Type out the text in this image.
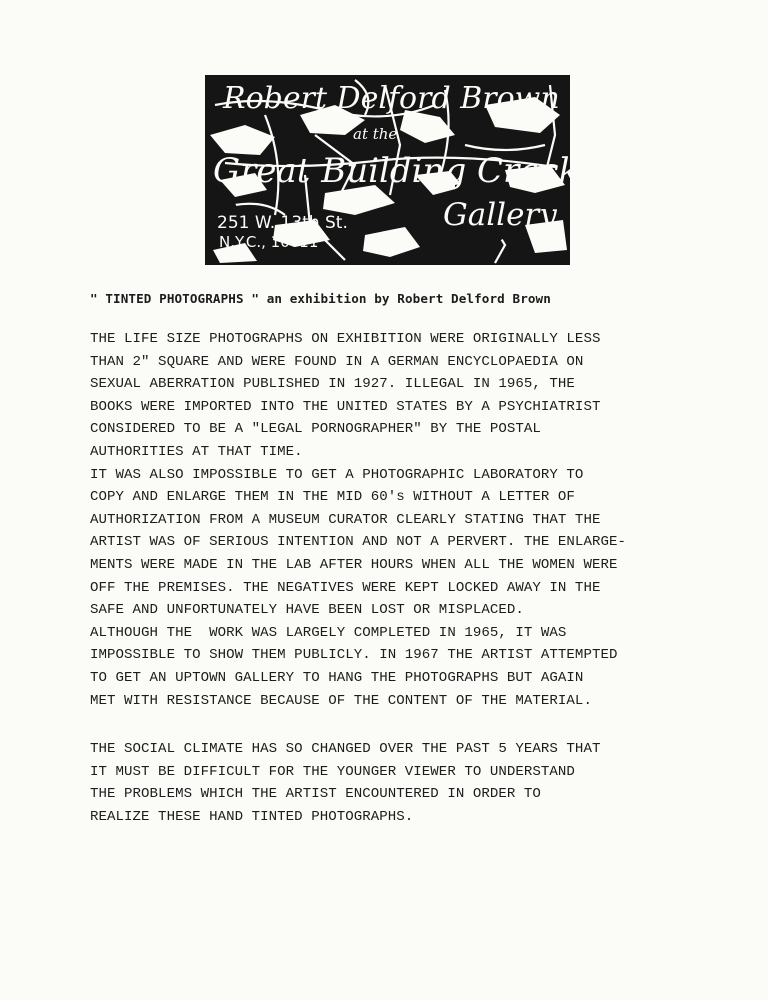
Robert Delford Brown
at the
Great Building Crack-Up
Gallery
251 W. 13th St.
N.Y.C., 10011
" TINTED PHOTOGRAPHS " an exhibition by Robert Delford Brown
THE LIFE SIZE PHOTOGRAPHS ON EXHIBITION WERE ORIGINALLY LESS
THAN 2" SQUARE AND WERE FOUND IN A GERMAN ENCYCLOPAEDIA ON
SEXUAL ABERRATION PUBLISHED IN 1927. ILLEGAL IN 1965, THE
BOOKS WERE IMPORTED INTO THE UNITED STATES BY A PSYCHIATRIST
CONSIDERED TO BE A "LEGAL PORNOGRAPHER" BY THE POSTAL
AUTHORITIES AT THAT TIME.
IT WAS ALSO IMPOSSIBLE TO GET A PHOTOGRAPHIC LABORATORY TO
COPY AND ENLARGE THEM IN THE MID 60's WITHOUT A LETTER OF
AUTHORIZATION FROM A MUSEUM CURATOR CLEARLY STATING THAT THE
ARTIST WAS OF SERIOUS INTENTION AND NOT A PERVERT. THE ENLARGE-
MENTS WERE MADE IN THE LAB AFTER HOURS WHEN ALL THE WOMEN WERE
OFF THE PREMISES. THE NEGATIVES WERE KEPT LOCKED AWAY IN THE
SAFE AND UNFORTUNATELY HAVE BEEN LOST OR MISPLACED.
ALTHOUGH THE  WORK WAS LARGELY COMPLETED IN 1965, IT WAS
IMPOSSIBLE TO SHOW THEM PUBLICLY. IN 1967 THE ARTIST ATTEMPTED
TO GET AN UPTOWN GALLERY TO HANG THE PHOTOGRAPHS BUT AGAIN
MET WITH RESISTANCE BECAUSE OF THE CONTENT OF THE MATERIAL.
THE SOCIAL CLIMATE HAS SO CHANGED OVER THE PAST 5 YEARS THAT
IT MUST BE DIFFICULT FOR THE YOUNGER VIEWER TO UNDERSTAND
THE PROBLEMS WHICH THE ARTIST ENCOUNTERED IN ORDER TO
REALIZE THESE HAND TINTED PHOTOGRAPHS.
